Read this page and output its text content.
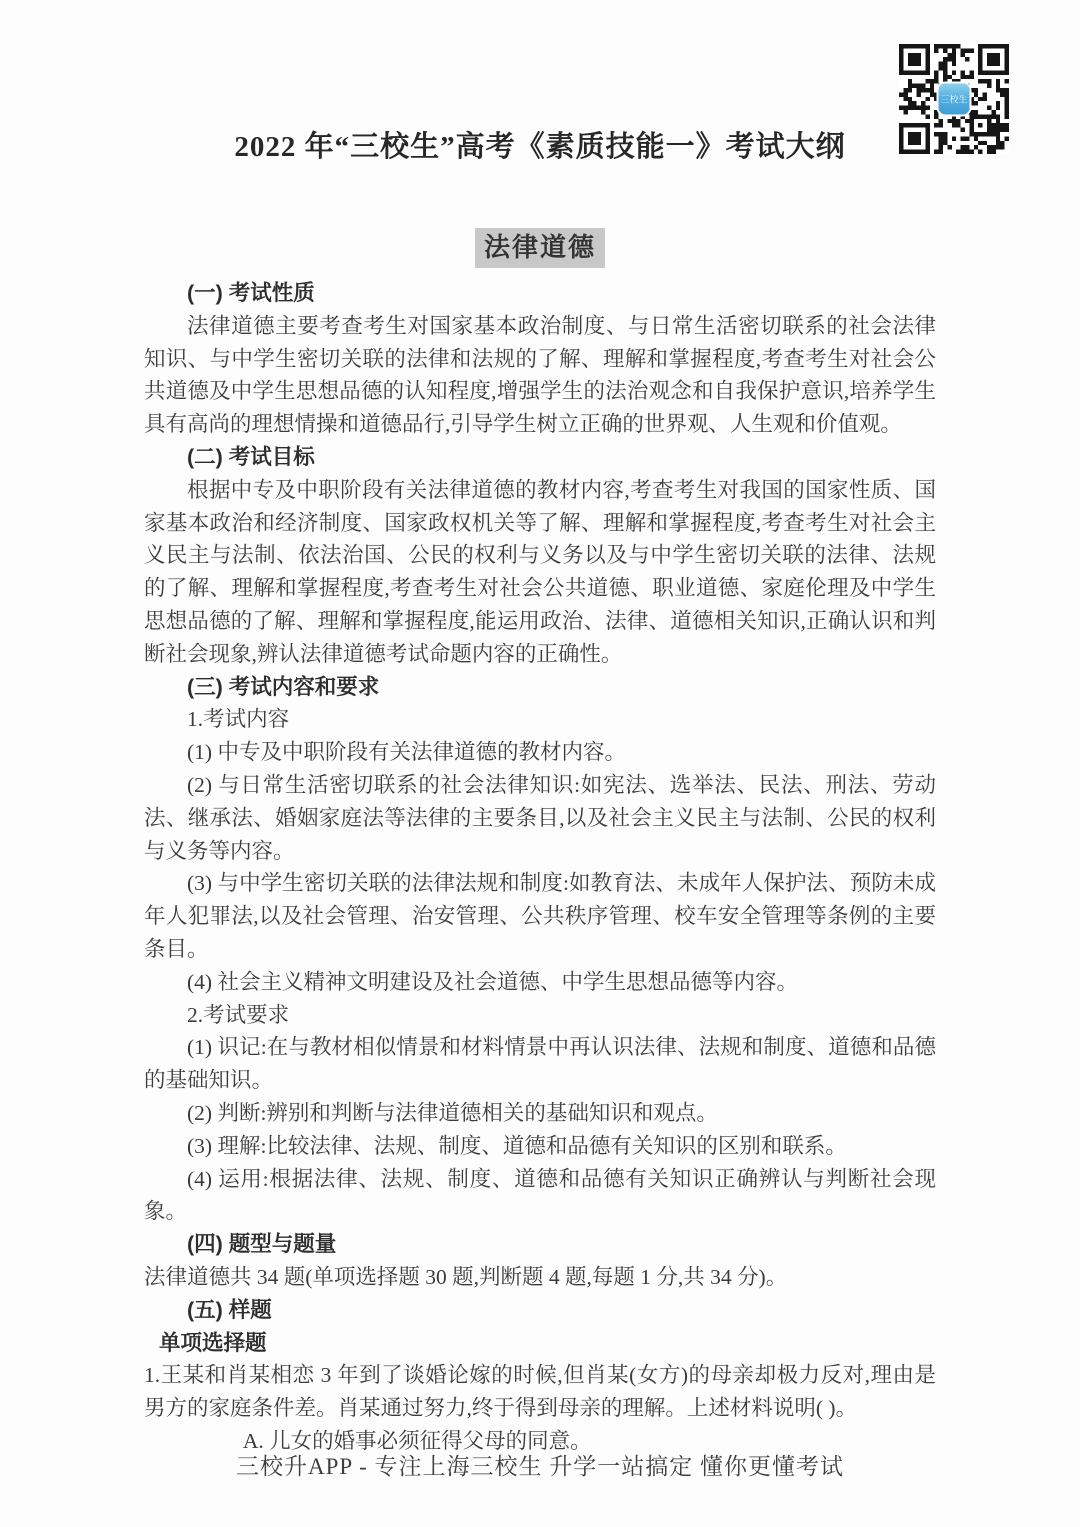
三校生
2022 年“三校生”高考《素质技能一》考试大纲
法律道德

(一) 考试性质

法律道德主要考查考生对国家基本政治制度、与日常生活密切联系的社会法律知识、与中学生密切关联的法律和法规的了解、理解和掌握程度,考查考生对社会公共道德及中学生思想品德的认知程度,增强学生的法治观念和自我保护意识,培养学生具有高尚的理想情操和道德品行,引导学生树立正确的世界观、人生观和价值观。

(二) 考试目标

根据中专及中职阶段有关法律道德的教材内容,考查考生对我国的国家性质、国家基本政治和经济制度、国家政权机关等了解、理解和掌握程度,考查考生对社会主义民主与法制、依法治国、公民的权利与义务以及与中学生密切关联的法律、法规的了解、理解和掌握程度,考查考生对社会公共道德、职业道德、家庭伦理及中学生思想品德的了解、理解和掌握程度,能运用政治、法律、道德相关知识,正确认识和判断社会现象,辨认法律道德考试命题内容的正确性。

(三) 考试内容和要求

1.考试内容

(1) 中专及中职阶段有关法律道德的教材内容。

(2) 与日常生活密切联系的社会法律知识:如宪法、选举法、民法、刑法、劳动法、继承法、婚姻家庭法等法律的主要条目,以及社会主义民主与法制、公民的权利与义务等内容。

(3) 与中学生密切关联的法律法规和制度:如教育法、未成年人保护法、预防未成年人犯罪法,以及社会管理、治安管理、公共秩序管理、校车安全管理等条例的主要条目。

(4) 社会主义精神文明建设及社会道德、中学生思想品德等内容。

2.考试要求

(1) 识记:在与教材相似情景和材料情景中再认识法律、法规和制度、道德和品德的基础知识。

(2) 判断:辨别和判断与法律道德相关的基础知识和观点。

(3) 理解:比较法律、法规、制度、道德和品德有关知识的区别和联系。

(4) 运用:根据法律、法规、制度、道德和品德有关知识正确辨认与判断社会现象。

(四) 题型与题量

法律道德共 34 题(单项选择题 30 题,判断题 4 题,每题 1 分,共 34 分)。

(五) 样题

单项选择题

1.王某和肖某相恋 3 年到了谈婚论嫁的时候,但肖某(女方)的母亲却极力反对,理由是男方的家庭条件差。肖某通过努力,终于得到母亲的理解。上述材料说明( )。

A. 儿女的婚事必须征得父母的同意。

三校升APP - 专注上海三校生 升学一站搞定 懂你更懂考试
